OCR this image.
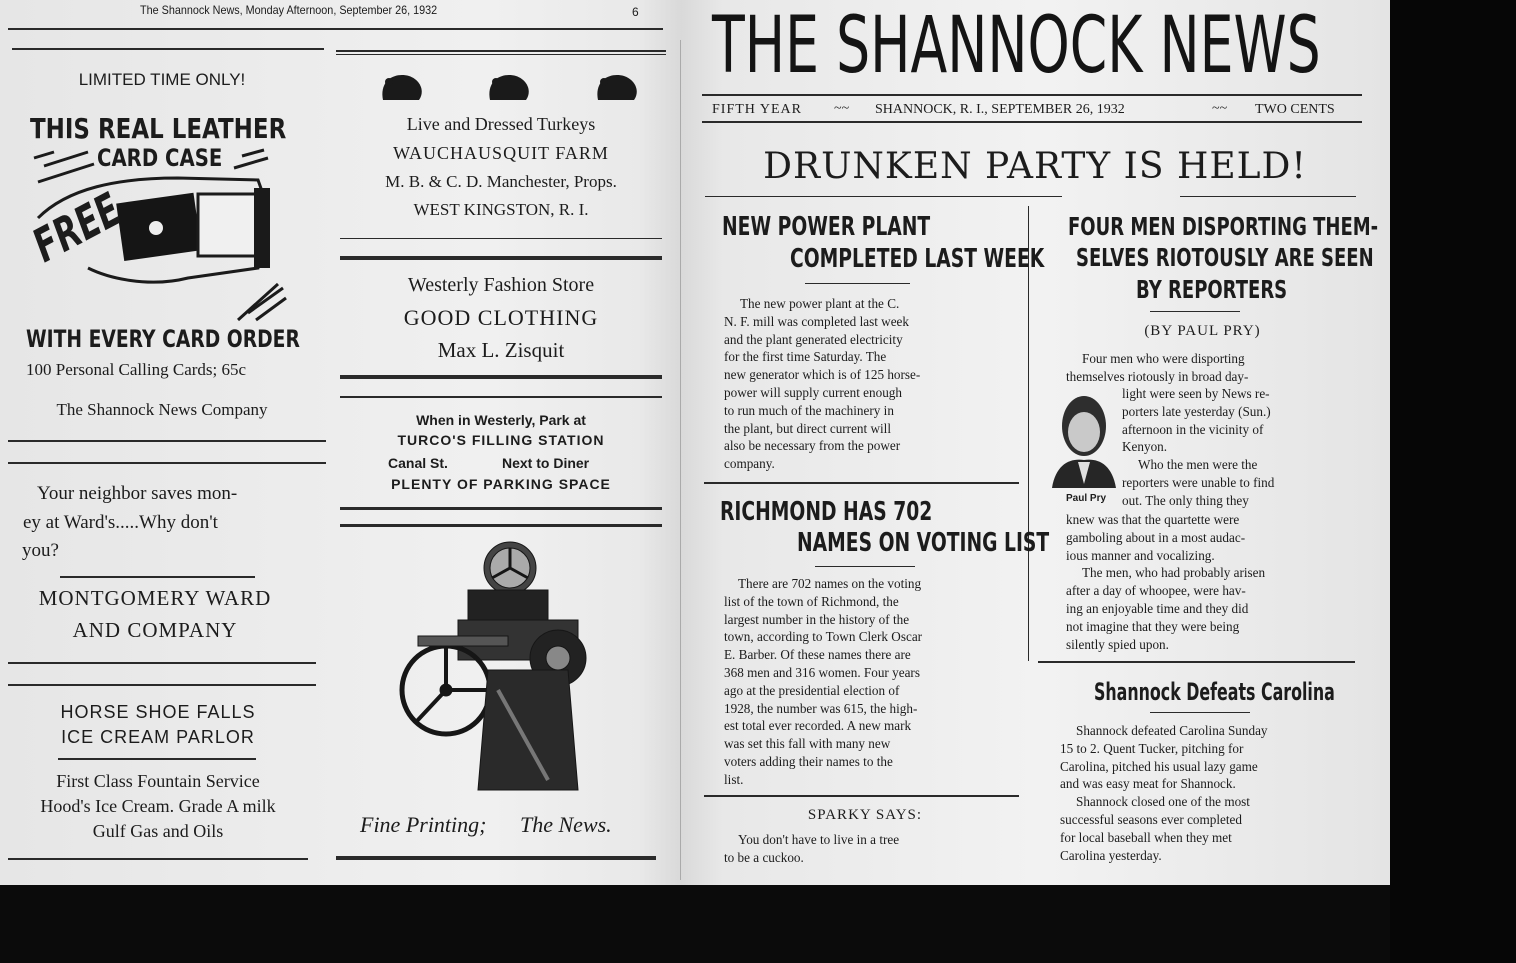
The Shannock News, Monday Afternoon, September 26, 1932	6
LIMITED TIME ONLY!
THIS REAL LEATHER
CARD CASE
FREE
WITH EVERY CARD ORDER
100 Personal Calling Cards; 65c
The Shannock News Company
Your neighbor saves mon-
ey at Ward's.....Why don't
you?
MONTGOMERY WARD
AND COMPANY
HORSE SHOE FALLS
ICE CREAM PARLOR
First Class Fountain Service
Hood's Ice Cream. Grade A milk
Gulf Gas and Oils
Live and Dressed Turkeys
WAUCHAUSQUIT FARM
M. B. & C. D. Manchester, Props.
WEST KINGSTON, R. I.
Westerly Fashion Store
GOOD CLOTHING
Max L. Zisquit
When in Westerly, Park at
TURCO'S FILLING STATION
Canal St.	Next to Diner
PLENTY OF PARKING SPACE
Fine Printing; The News.
THE SHANNOCK NEWS
FIFTH YEAR ~~ SHANNOCK, R. I., SEPTEMBER 26, 1932	~~ TWO CENTS
DRUNKEN PARTY IS HELD!
NEW POWER PLANT
COMPLETED LAST WEEK
The new power plant at the C.
N. F. mill was completed last week
and the plant generated electricity
for the first time Saturday. The
new generator which is of 125 horse-
power will supply current enough
to run much of the machinery in
the plant, but direct current will
also be necessary from the power
company.
RICHMOND HAS 702
NAMES ON VOTING LIST
There are 702 names on the voting
list of the town of Richmond, the
largest number in the history of the
town, according to Town Clerk Oscar
E. Barber. Of these names there are
368 men and 316 women. Four years
ago at the presidential election of
1928, the number was 615, the high-
est total ever recorded. A new mark
was set this fall with many new
voters adding their names to the
list.
SPARKY SAYS:
You don't have to live in a tree
to be a cuckoo.
FOUR MEN DISPORTING THEM-
SELVES RIOTOUSLY ARE SEEN
BY REPORTERS
(BY PAUL PRY)
Four men who were disporting
themselves riotously in broad day-
Paul Pry
light were seen by News re-
porters late yesterday (Sun.)
afternoon in the vicinity of
Kenyon.
Who the men were the
reporters were unable to find
out. The only thing they
knew was that the quartette were
gamboling about in a most audac-
ious manner and vocalizing.
The men, who had probably arisen
after a day of whoopee, were hav-
ing an enjoyable time and they did
not imagine that they were being
silently spied upon.
Shannock Defeats Carolina
Shannock defeated Carolina Sunday
15 to 2. Quent Tucker, pitching for
Carolina, pitched his usual lazy game
and was easy meat for Shannock.
Shannock closed one of the most
successful seasons ever completed
for local baseball when they met
Carolina yesterday.
